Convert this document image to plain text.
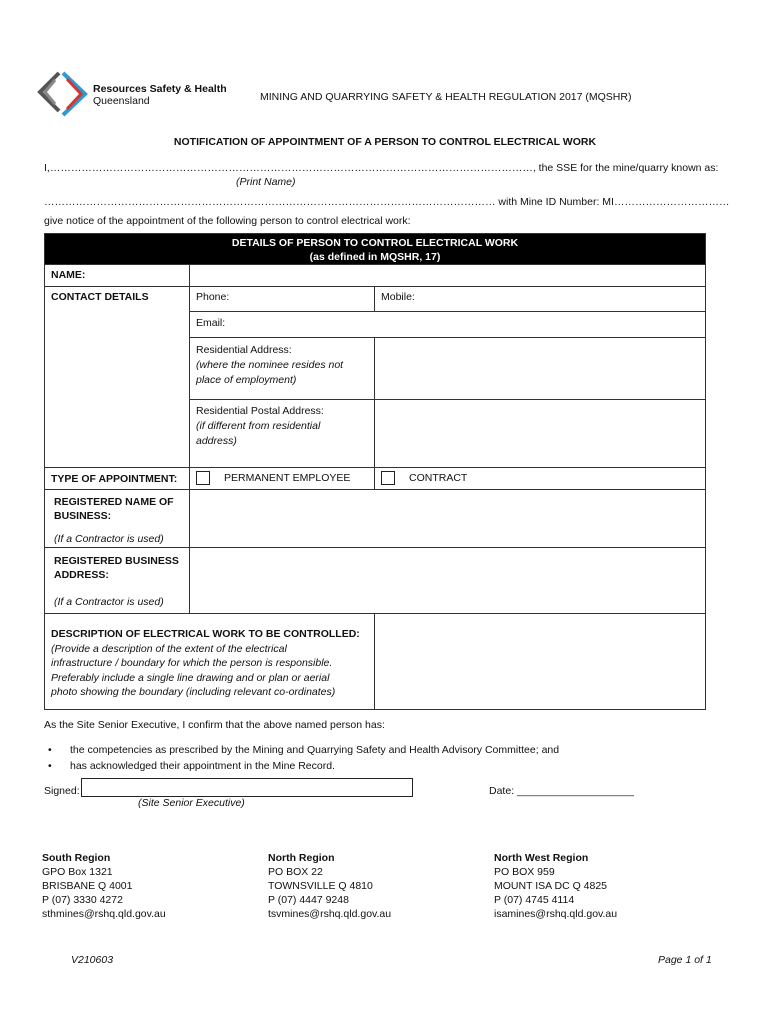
Resources Safety & Health
Queensland	MINING AND QUARRYING SAFETY & HEALTH REGULATION 2017 (MQSHR)
NOTIFICATION OF APPOINTMENT OF A PERSON TO CONTROL ELECTRICAL WORK
I,…………………………………………………………………………………………………………………………, the SSE for the mine/quarry known as:
(Print Name)
………………………………………………………………………………………………………………… with Mine ID Number: MI……………………………
give notice of the appointment of the following person to control electrical work:
DETAILS OF PERSON TO CONTROL ELECTRICAL WORK
(as defined in MQSHR, 17)		

NAME:		
CONTACT DETAILS	Phone:	Mobile:
	Email:	

	Residential Address:
(where the nominee resides not
place of employment)	

	Residential Postal Address:
(if different from residential
address)	

TYPE OF APPOINTMENT:	PERMANENT EMPLOYEE	CONTRACT

REGISTERED NAME OF
BUSINESS:
(If a Contractor is used)		

REGISTERED BUSINESS
ADDRESS:
(If a Contractor is used)		

DESCRIPTION OF ELECTRICAL WORK TO BE CONTROLLED:
(Provide a description of the extent of the electrical
infrastructure / boundary for which the person is responsible.
Preferably include a single line drawing and or plan or aerial
photo showing the boundary (including relevant co-ordinates)		

As the Site Senior Executive, I confirm that the above named person has:
• the competencies as prescribed by the Mining and Quarrying Safety and Health Advisory Committee; and
• has acknowledged their appointment in the Mine Record.
Signed:
(Site Senior Executive)
Date: ____________________
South Region
GPO Box 1321
BRISBANE Q 4001
P (07) 3330 4272
sthmines@rshq.qld.gov.au
North Region
PO BOX 22
TOWNSVILLE Q 4810
P (07) 4447 9248
tsvmines@rshq.qld.gov.au
North West Region
PO BOX 959
MOUNT ISA DC Q 4825
P (07) 4745 4114
isamines@rshq.qld.gov.au
V210603	Page 1 of 1
